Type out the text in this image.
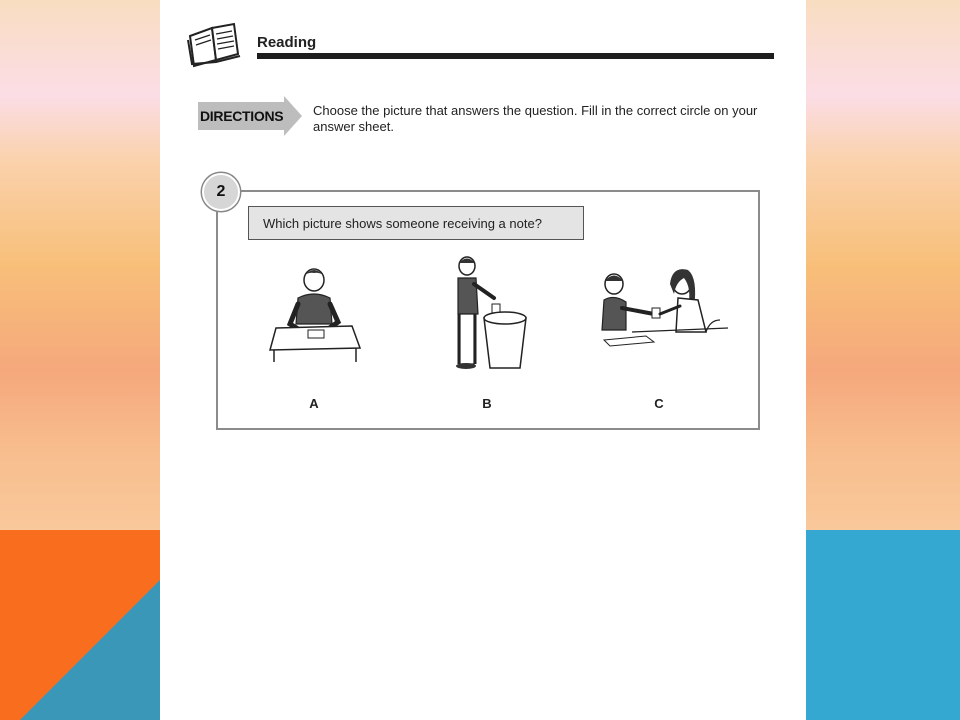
Reading
DIRECTIONS Choose the picture that answers the question. Fill in the correct circle on your answer sheet.
2
Which picture shows someone receiving a note?
A	B	C
